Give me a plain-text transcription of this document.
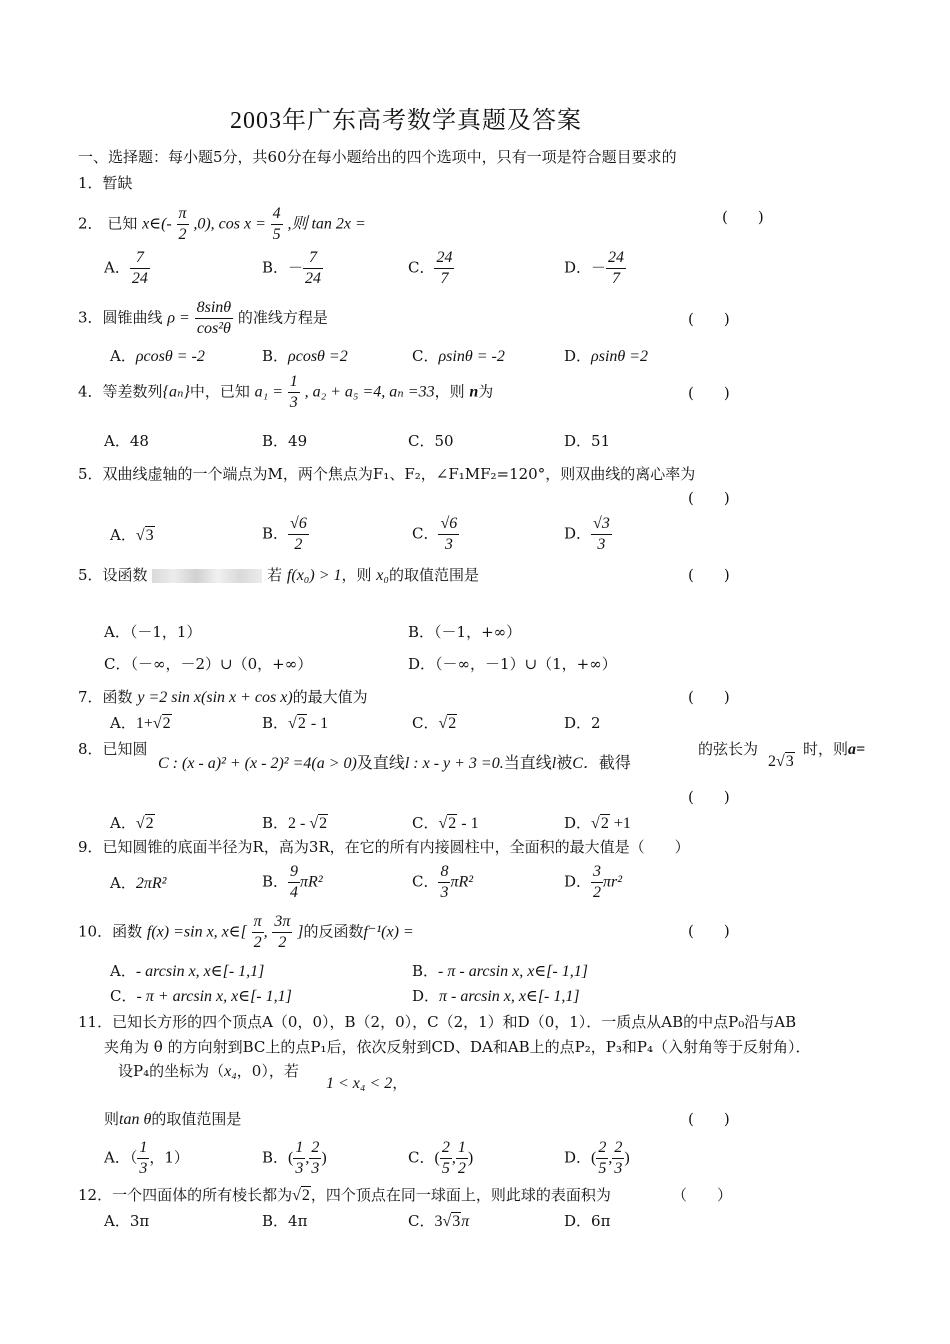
2003年广东高考数学真题及答案
一、选择题：每小题5分，共60分在每小题给出的四个选项中，只有一项是符合题目要求的
1．暂缺
2． 已知 x∈(- $\frac{\pi}{2} ,0$), $\cos x = \frac{4}{5}$ ,则 tan 2x =	(　　)
A． $\frac{7}{24}$	B．－ $\frac{7}{24}$	C． $\frac{24}{7}$	D．－ $\frac{24}{7}$
3．圆锥曲线 $\rho = \frac{8\sin\theta}{\text{cos²θ}}$ 的准线方程是	(　　)
A．ρcosθ = -2	B．ρcosθ =2	C．ρsinθ = -2	D．ρsinθ =2
4．等差数列{aₙ}中，已知 $a_1 = \frac{1}{3}$ , a₂ + a₅ =4, aₙ =33，则 n为	(　　)
A．48	B．49	C．50	D．51
5．双曲线虚轴的一个端点为M，两个焦点为F₁、F₂，∠F₁MF₂=120°，则双曲线的离心率为
(　　)
A．√3	B． $\frac{√6}{2}$	C． $\frac{√6}{3}$	D． $\frac{√3}{3}$
5．设函数	若 f(x₀) > 1，则 x₀的取值范围是	(　　)
A．（－1，1）	B．（－1，+∞）
C．（－∞，－2）∪（0，+∞）	D．（－∞，－1）∪（1，+∞）
7．函数 y =2 sin x(sin x + cos x)的最大值为	(　　)
A．1+√2	B．√2 - 1	C．√2	D．2
8．已知圆
C : (x - a)² + (x - 2)² =4(a > 0)及直线l : x - y + 3 =0.当直线l被C．截得
的弦长为
2√3
时，则a=
(　　)
A．√2	B．2 - √2	C．√2 - 1	D．√2 +1
9．已知圆锥的底面半径为R，高为3R，在它的所有内接圆柱中，全面积的最大值是（　　）
A．2πR²	B． $\frac{9}{4} \pi R^2$	C． $\frac{8}{3} \pi R^2$	D． $\frac{3}{2} \pi r^2$
10．函数 f(x) =sin x, x∈[ $\frac{\pi}{2}$ , $\frac{3\pi}{2}$ ]的反函数f⁻¹(x) =	(　　)
A．- arcsin x, x∈[- 1,1]	B．- π - arcsin x, x∈[- 1,1]
C．- π + arcsin x, x∈[- 1,1]	D．π - arcsin x, x∈[- 1,1]
11．已知长方形的四个顶点A（0，0），B（2，0），C（2，1）和D（0，1）．一质点从AB的中点P₀沿与AB
夹角为 θ 的方向射到BC上的点P₁后，依次反射到CD、DA和AB上的点P₂，P₃和P₄（入射角等于反射角）．
设P₄的坐标为（x₄，0），若
1 < x₄ < 2，
则tan θ的取值范围是	(　　)
A．（ $\frac{1}{3}$ ，1）	B．( $\frac{1}{3}$ , $\frac{2}{3}$ )	C．( $\frac{2}{5}$ , $\frac{1}{2}$ )	D．( $\frac{2}{5}$ , $\frac{2}{3}$ )
12．一个四面体的所有棱长都为√2，四个顶点在同一球面上，则此球的表面积为	（　　）
A．3π	B．4π	C．3√3π	D．6π
